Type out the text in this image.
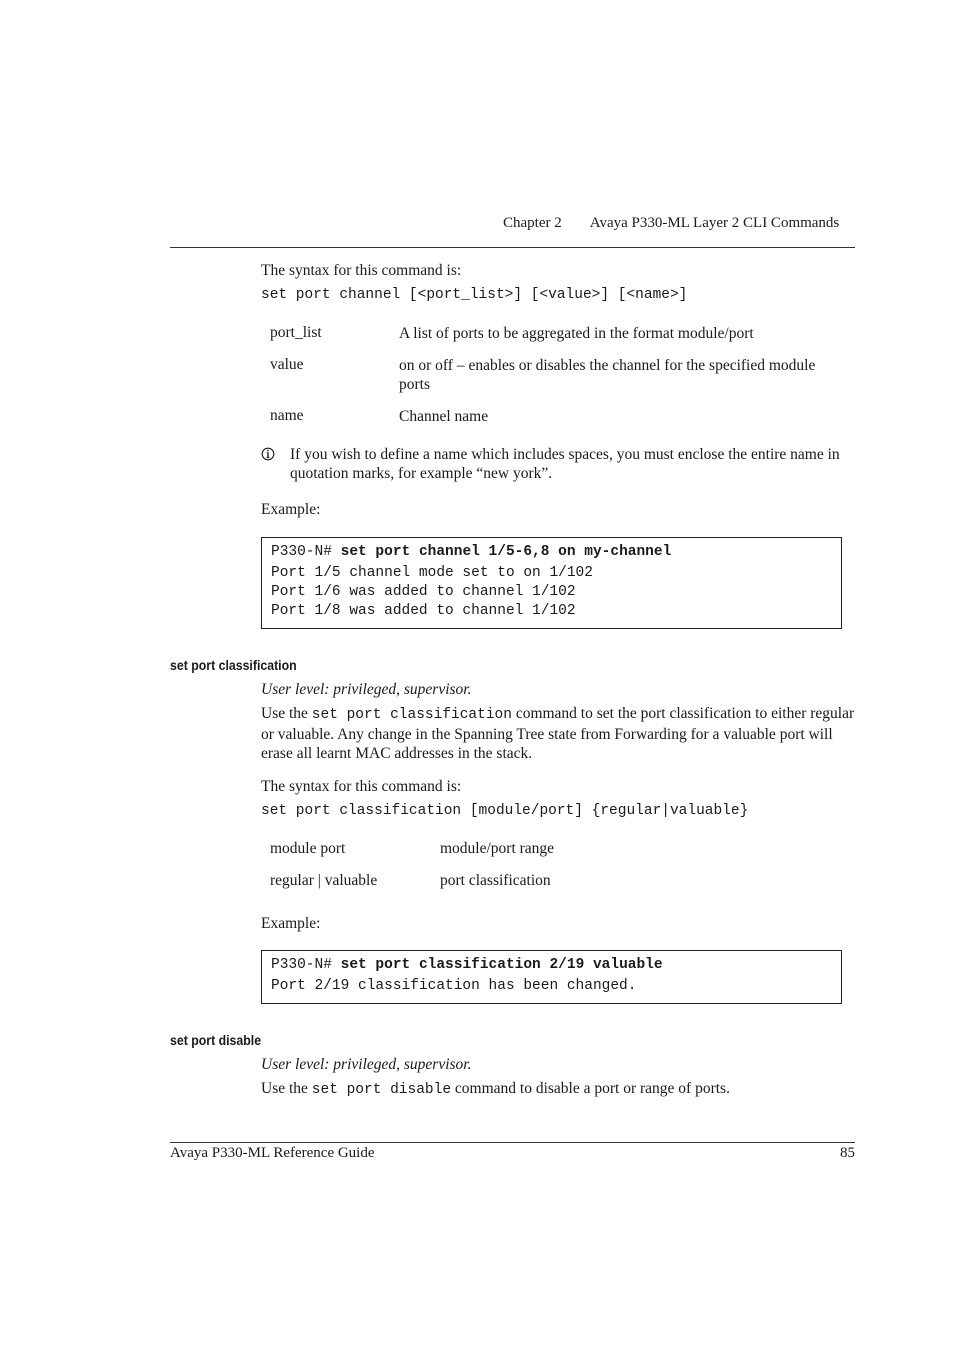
Chapter 2 Avaya P330-ML Layer 2 CLI Commands
The syntax for this command is:
set port channel [<port_list>] [<value>] [<name>]
port_list	A list of ports to be aggregated in the format module/port
value	on or off – enables or disables the channel for the specified module ports
name	Channel name
If you wish to define a name which includes spaces, you must enclose the entire name in quotation marks, for example “new york”.
Example:
P330-N# set port channel 1/5-6,8 on my-channel
Port 1/5 channel mode set to on 1/102
Port 1/6 was added to channel 1/102
Port 1/8 was added to channel 1/102
set port classification
User level: privileged, supervisor.
Use the set port classification command to set the port classification to either regular or valuable. Any change in the Spanning Tree state from Forwarding for a valuable port will erase all learnt MAC addresses in the stack.
The syntax for this command is:
set port classification [module/port] {regular|valuable}
module port	module/port range
regular | valuable	port classification
Example:
P330-N# set port classification 2/19 valuable
Port 2/19 classification has been changed.
set port disable
User level: privileged, supervisor.
Use the set port disable command to disable a port or range of ports.
Avaya P330-ML Reference Guide	85
